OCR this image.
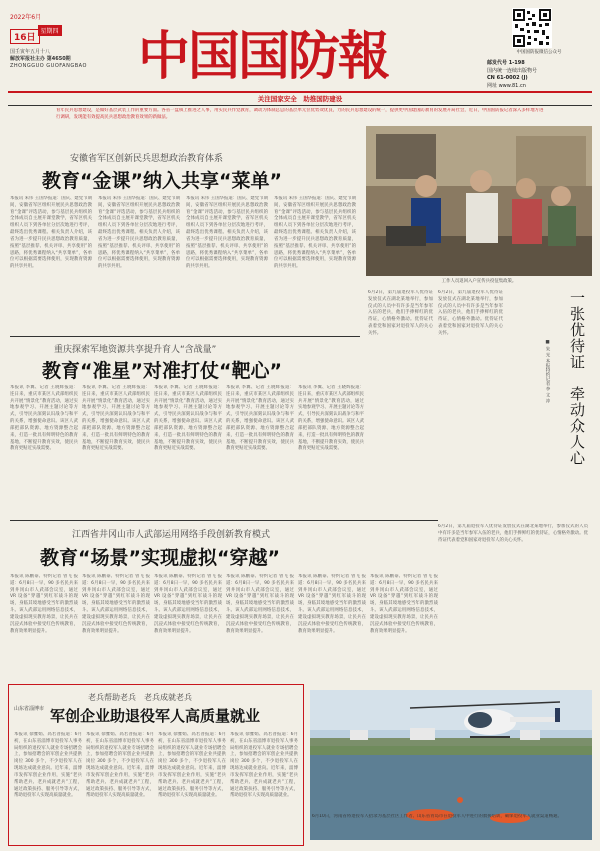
2022年6月
16日星期四
国壬寅年五月十八
解放军报社主办 第4650期
ZHONGGUO GUOFANGBAO 中国国防報	中国国防报微信公众号
邮发代号 1-198
国内统一连续出版物号
CN 61-0002 (J)
网址 www.81.cn
关注国家安全　助推国防建设
育年民兵思想建设，是做好基层武装工作的重要方面。各省一盘棋上推进之人事，用实民兵作党教育，调动为体制总总的基层单元位优势效优良，力的民兵思想建设的统一，提供更中国建国防教育的发展开局社会，近日，中国国防报记者深入多样地方进行调研，发现能有效提高民兵思想政治教育效果的新做法。
安徽省军区创新民兵思想政治教育体系
教育“金课”纳入共享“菜单”
本报讯 朱伟 王国华报道：国庆、建党节期间，安徽省军区组织开展民兵思想政治教育“金课”评选活动，参与基层民兵组织的全体成员自主展开课堂教学，省军区机关组织人员下到各单位分层次地进行考评，最终选出优秀课程。相关负责人介绍，该省为进一步提升民兵思想政治教育质量，按照“基层推荐、机关评审、共享使用”的思路，将优秀课程纳入“共享菜单”，各单位可以根据需要选择使用，实现教育资源的共享共用。
本报讯 朱伟 王国华报道：国庆、建党节期间，安徽省军区组织开展民兵思想政治教育“金课”评选活动，参与基层民兵组织的全体成员自主展开课堂教学，省军区机关组织人员下到各单位分层次地进行考评，最终选出优秀课程。相关负责人介绍，该省为进一步提升民兵思想政治教育质量，按照“基层推荐、机关评审、共享使用”的思路，将优秀课程纳入“共享菜单”，各单位可以根据需要选择使用，实现教育资源的共享共用。
本报讯 朱伟 王国华报道：国庆、建党节期间，安徽省军区组织开展民兵思想政治教育“金课”评选活动，参与基层民兵组织的全体成员自主展开课堂教学，省军区机关组织人员下到各单位分层次地进行考评，最终选出优秀课程。相关负责人介绍，该省为进一步提升民兵思想政治教育质量，按照“基层推荐、机关评审、共享使用”的思路，将优秀课程纳入“共享菜单”，各单位可以根据需要选择使用，实现教育资源的共享共用。
本报讯 朱伟 王国华报道：国庆、建党节期间，安徽省军区组织开展民兵思想政治教育“金课”评选活动，参与基层民兵组织的全体成员自主展开课堂教学，省军区机关组织人员下到各单位分层次地进行考评，最终选出优秀课程。相关负责人介绍，该省为进一步提升民兵思想政治教育质量，按照“基层推荐、机关评审、共享使用”的思路，将优秀课程纳入“共享菜单”，各单位可以根据需要选择使用，实现教育资源的共享共用。
工作人员返回入户宣传兵役征集政策。
一张优待证　牵动众人心
■ 朱 光 本报特约记者 李 文 冲
6月2日，第九届退役军人优待证发放仪式在湖北某地举行，参加仪式的人员中有许多是当年参军入伍的老兵，他们手捧鲜红的优待证，心情格外激动。优待证代表着党和国家对退役军人的关心关怀。
6月2日，第九届退役军人优待证发放仪式在湖北某地举行，参加仪式的人员中有许多是当年参军入伍的老兵，他们手捧鲜红的优待证，心情格外激动。优待证代表着党和国家对退役军人的关心关怀。
6月2日，第九届退役军人优待证发放仪式在湖北某地举行，参加仪式的人员中有许多是当年参军入伍的老兵，他们手捧鲜红的优待证，心情格外激动。优待证代表着党和国家对退役军人的关心关怀。
重庆探索军地资源共享提升育人“含战量”
教育“准星”对准打仗“靶心”
本报讯 李翼、记者 王晓辉报道：连日来，重庆市某区人武部组织民兵开展“情景化”教育活动，通过实地参观学习、开展主题讨论等方式，引导民兵深刻认识战争与和平的关系，增强使命意识。该区人武部把部队资源、地方资源整合起来，打造一批具有鲜明特色的教育基地，不断提升教育实效，使民兵教育更贴近实战需要。
本报讯 李翼、记者 王晓辉报道：连日来，重庆市某区人武部组织民兵开展“情景化”教育活动，通过实地参观学习、开展主题讨论等方式，引导民兵深刻认识战争与和平的关系，增强使命意识。该区人武部把部队资源、地方资源整合起来，打造一批具有鲜明特色的教育基地，不断提升教育实效，使民兵教育更贴近实战需要。
本报讯 李翼、记者 王晓辉报道：连日来，重庆市某区人武部组织民兵开展“情景化”教育活动，通过实地参观学习、开展主题讨论等方式，引导民兵深刻认识战争与和平的关系，增强使命意识。该区人武部把部队资源、地方资源整合起来，打造一批具有鲜明特色的教育基地，不断提升教育实效，使民兵教育更贴近实战需要。
本报讯 李翼、记者 王晓辉报道：连日来，重庆市某区人武部组织民兵开展“情景化”教育活动，通过实地参观学习、开展主题讨论等方式，引导民兵深刻认识战争与和平的关系，增强使命意识。该区人武部把部队资源、地方资源整合起来，打造一批具有鲜明特色的教育基地，不断提升教育实效，使民兵教育更贴近实战需要。
本报讯 李翼、记者 王晓辉报道：连日来，重庆市某区人武部组织民兵开展“情景化”教育活动，通过实地参观学习、开展主题讨论等方式，引导民兵深刻认识战争与和平的关系，增强使命意识。该区人武部把部队资源、地方资源整合起来，打造一批具有鲜明特色的教育基地，不断提升教育实效，使民兵教育更贴近实战需要。
江西省井冈山市人武部运用网络手段创新教育模式
教育“场景”实现虚拟“穿越”
本报讯 陈鹏泰、特约记者 曾飞 报道：6月8日一早，90 多名民兵来到井冈山市人武部会议室，通过 VR 设备“穿越”到红军战斗的现场，身临其境地感受当年的激烈战斗。该人武部运用网络信息技术，建设虚拟现实教育场景，让民兵在沉浸式体验中接受红色传统教育，教育效果明显提升。
本报讯 陈鹏泰、特约记者 曾飞 报道：6月8日一早，90 多名民兵来到井冈山市人武部会议室，通过 VR 设备“穿越”到红军战斗的现场，身临其境地感受当年的激烈战斗。该人武部运用网络信息技术，建设虚拟现实教育场景，让民兵在沉浸式体验中接受红色传统教育，教育效果明显提升。
本报讯 陈鹏泰、特约记者 曾飞 报道：6月8日一早，90 多名民兵来到井冈山市人武部会议室，通过 VR 设备“穿越”到红军战斗的现场，身临其境地感受当年的激烈战斗。该人武部运用网络信息技术，建设虚拟现实教育场景，让民兵在沉浸式体验中接受红色传统教育，教育效果明显提升。
本报讯 陈鹏泰、特约记者 曾飞 报道：6月8日一早，90 多名民兵来到井冈山市人武部会议室，通过 VR 设备“穿越”到红军战斗的现场，身临其境地感受当年的激烈战斗。该人武部运用网络信息技术，建设虚拟现实教育场景，让民兵在沉浸式体验中接受红色传统教育，教育效果明显提升。
本报讯 陈鹏泰、特约记者 曾飞 报道：6月8日一早，90 多名民兵来到井冈山市人武部会议室，通过 VR 设备“穿越”到红军战斗的现场，身临其境地感受当年的激烈战斗。该人武部运用网络信息技术，建设虚拟现实教育场景，让民兵在沉浸式体验中接受红色传统教育，教育效果明显提升。
本报讯 陈鹏泰、特约记者 曾飞 报道：6月8日一早，90 多名民兵来到井冈山市人武部会议室，通过 VR 设备“穿越”到红军战斗的现场，身临其境地感受当年的激烈战斗。该人武部运用网络信息技术，建设虚拟现实教育场景，让民兵在沉浸式体验中接受红色传统教育，教育效果明显提升。
老兵帮助老兵　老兵成就老兵
山东省淄博市 军创企业助退役军人高质量就业
本报讯 徐雅娟、高若普报道：6月初，在山东省淄博市退役军人事务局组织的退役军人就业专场招聘会上，参加招聘会的军创企业共提供岗位 300 多个，不少退役军人在现场达成就业意向。近年来，淄博市发挥军创企业作用，实施“老兵帮助老兵、老兵成就老兵”工程，通过政策扶持、服务引导等方式，帮助退役军人实现高质量就业。
本报讯 徐雅娟、高若普报道：6月初，在山东省淄博市退役军人事务局组织的退役军人就业专场招聘会上，参加招聘会的军创企业共提供岗位 300 多个，不少退役军人在现场达成就业意向。近年来，淄博市发挥军创企业作用，实施“老兵帮助老兵、老兵成就老兵”工程，通过政策扶持、服务引导等方式，帮助退役军人实现高质量就业。
本报讯 徐雅娟、高若普报道：6月初，在山东省淄博市退役军人事务局组织的退役军人就业专场招聘会上，参加招聘会的军创企业共提供岗位 300 多个，不少退役军人在现场达成就业意向。近年来，淄博市发挥军创企业作用，实施“老兵帮助老兵、老兵成就老兵”工程，通过政策扶持、服务引导等方式，帮助退役军人实现高质量就业。
本报讯 徐雅娟、高若普报道：6月初，在山东省淄博市退役军人事务局组织的退役军人就业专场招聘会上，参加招聘会的军创企业共提供岗位 300 多个，不少退役军人在现场达成就业意向。近年来，淄博市发挥军创企业作用，实施“老兵帮助老兵、老兵成就老兵”工程，通过政策扶持、服务引导等方式，帮助退役军人实现高质量就业。
6月10日，河南省将退役军人招录为基层社区工作者、山东省青岛市在退役军人中进行的救援培训，确保退役军人就业渠道畅通。
